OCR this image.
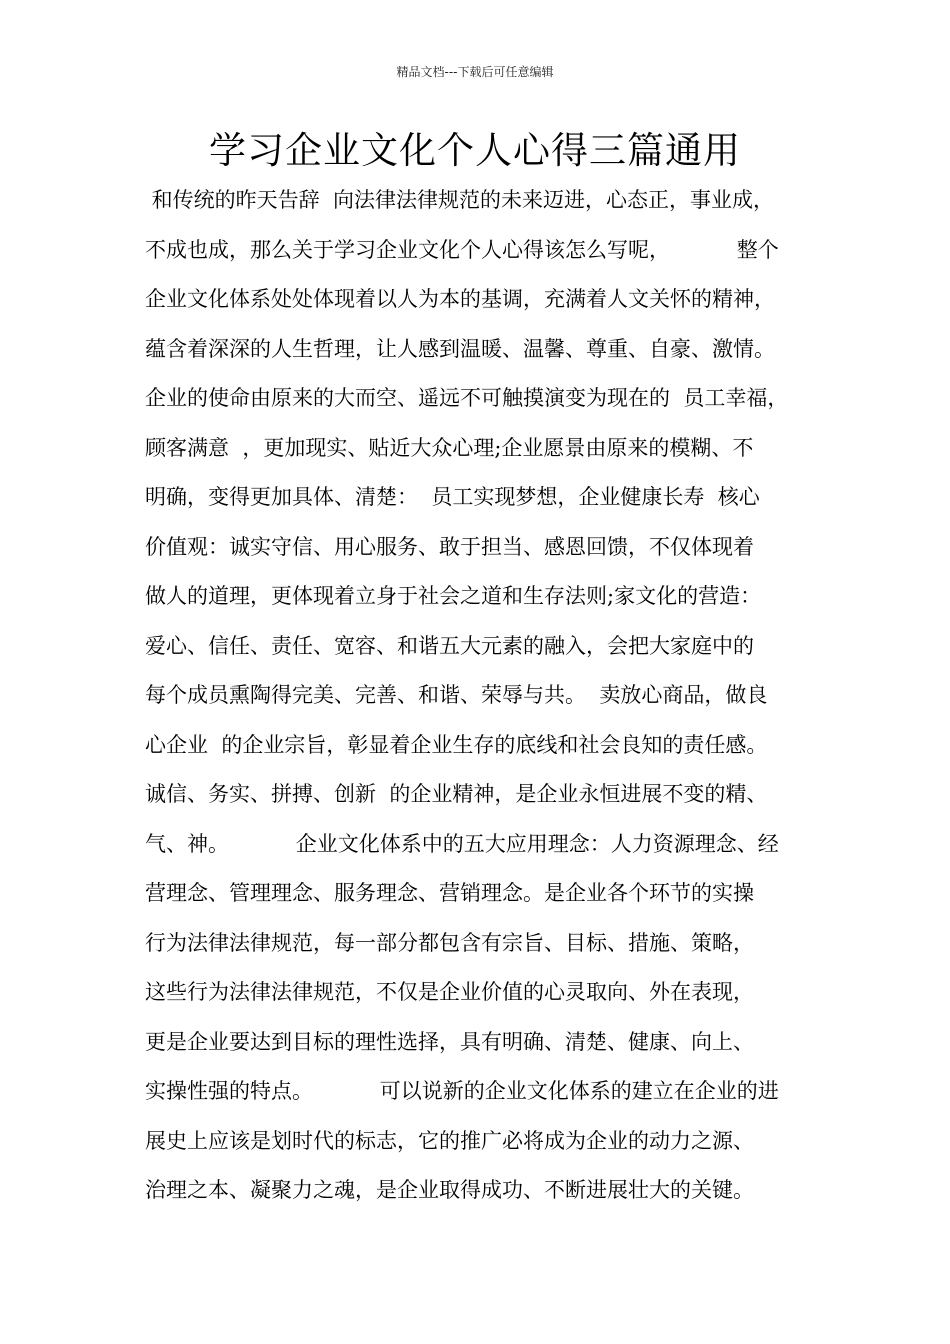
精品文档---下载后可任意编辑
学习企业文化个人心得三篇通用
和传统的昨天告辞  向法律法律规范的未来迈进，心态正，事业成，
不成也成，那么关于学习企业文化个人心得该怎么写呢，          整个
企业文化体系处处体现着以人为本的基调，充满着人文关怀的精神，
蕴含着深深的人生哲理，让人感到温暖、温馨、尊重、自豪、激情。
企业的使命由原来的大而空、遥远不可触摸演变为现在的  员工幸福，
顾客满意  ，更加现实、贴近大众心理;企业愿景由原来的模糊、不
明确，变得更加具体、清楚：  员工实现梦想，企业健康长寿  核心
价值观：诚实守信、用心服务、敢于担当、感恩回馈，不仅体现着
做人的道理，更体现着立身于社会之道和生存法则;家文化的营造：
爱心、信任、责任、宽容、和谐五大元素的融入，会把大家庭中的
每个成员熏陶得完美、完善、和谐、荣辱与共。  卖放心商品，做良
心企业  的企业宗旨，彰显着企业生存的底线和社会良知的责任感。
诚信、务实、拼搏、创新  的企业精神，是企业永恒进展不变的精、
气、神。          企业文化体系中的五大应用理念：人力资源理念、经
营理念、管理理念、服务理念、营销理念。是企业各个环节的实操
行为法律法律规范，每一部分都包含有宗旨、目标、措施、策略，
这些行为法律法律规范，不仅是企业价值的心灵取向、外在表现，
更是企业要达到目标的理性选择，具有明确、清楚、健康、向上、
实操性强的特点。          可以说新的企业文化体系的建立在企业的进
展史上应该是划时代的标志，它的推广必将成为企业的动力之源、
治理之本、凝聚力之魂，是企业取得成功、不断进展壮大的关键。
